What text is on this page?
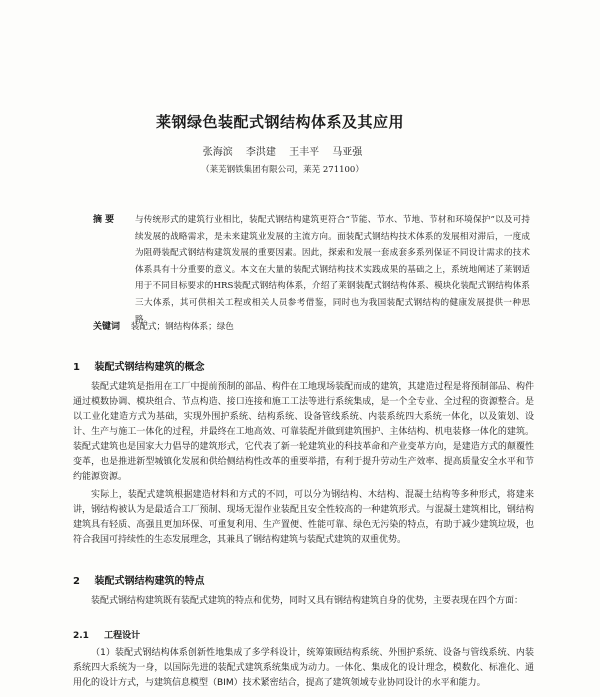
莱钢绿色装配式钢结构体系及其应用
张海滨 李洪建 王丰平 马亚强
（莱芜钢铁集团有限公司，莱芜 271100）
摘 要 与传统形式的建筑行业相比，装配式钢结构建筑更符合“节能、节水、节地、节材和环境保护”以及可持续发展的战略需求，是未来建筑业发展的主流方向。面装配式钢结构技术体系的发展相对滞后，一度成为阻碍装配式钢结构建筑发展的重要因素。因此，探索和发展一套成套多系列保证不同设计需求的技术体系具有十分重要的意义。本文在大量的装配式钢结构技术实践成果的基础之上，系统地阐述了莱钢适用于不同目标要求的HRS装配式钢结构体系，介绍了莱钢装配式钢结构体系、模块化装配式钢结构体系三大体系，其可供相关工程或相关人员参考借鉴，同时也为我国装配式钢结构的健康发展提供一种思路。
关键词 装配式；钢结构体系；绿色
1 装配式钢结构建筑的概念
装配式建筑是指用在工厂中提前预制的部品、构件在工地现场装配而成的建筑，其建造过程是将预制部品、构件通过模数协调、模块组合、节点构造、接口连接和施工工法等进行系统集成，是一个全专业、全过程的资源整合。是以工业化建造方式为基础，实现外围护系统、结构系统、设备管线系统、内装系统四大系统一体化，以及策划、设计、生产与施工一体化的过程，并最终在工地高效、可靠装配并做到建筑围护、主体结构、机电装修一体化的建筑。装配式建筑也是国家大力倡导的建筑形式，它代表了新一轮建筑业的科技革命和产业变革方向，是建造方式的颠覆性变革，也是推进新型城镇化发展和供给侧结构性改革的重要举措，有利于提升劳动生产效率、提高质量安全水平和节约能源资源。
实际上，装配式建筑根据建造材料和方式的不同，可以分为钢结构、木结构、混凝土结构等多种形式，将建来讲，钢结构被认为是最适合工厂预制、现场无湿作业装配且安全性较高的一种建筑形式。与混凝土建筑相比，钢结构建筑具有轻质、高强且更加环保、可重复利用、生产置便、性能可靠、绿色无污染的特点，有助于减少建筑垃圾，也符合我国可持续性的生态发展理念，其兼具了钢结构建筑与装配式建筑的双重优势。
2 装配式钢结构建筑的特点
装配式钢结构建筑既有装配式建筑的特点和优势，同时又具有钢结构建筑自身的优势，主要表现在四个方面：
2.1 工程设计
（1）装配式钢结构体系创新性地集成了多学科设计，统筹策顾结构系统、外围护系统、设备与管线系统、内装系统四大系统为一身，以国际先进的装配式建筑系统集成为动力。一体化、集成化的设计理念，模数化、标准化、通用化的设计方式，与建筑信息模型（BIM）技术紧密结合，提高了建筑领域专业协同设计的水平和能力。
